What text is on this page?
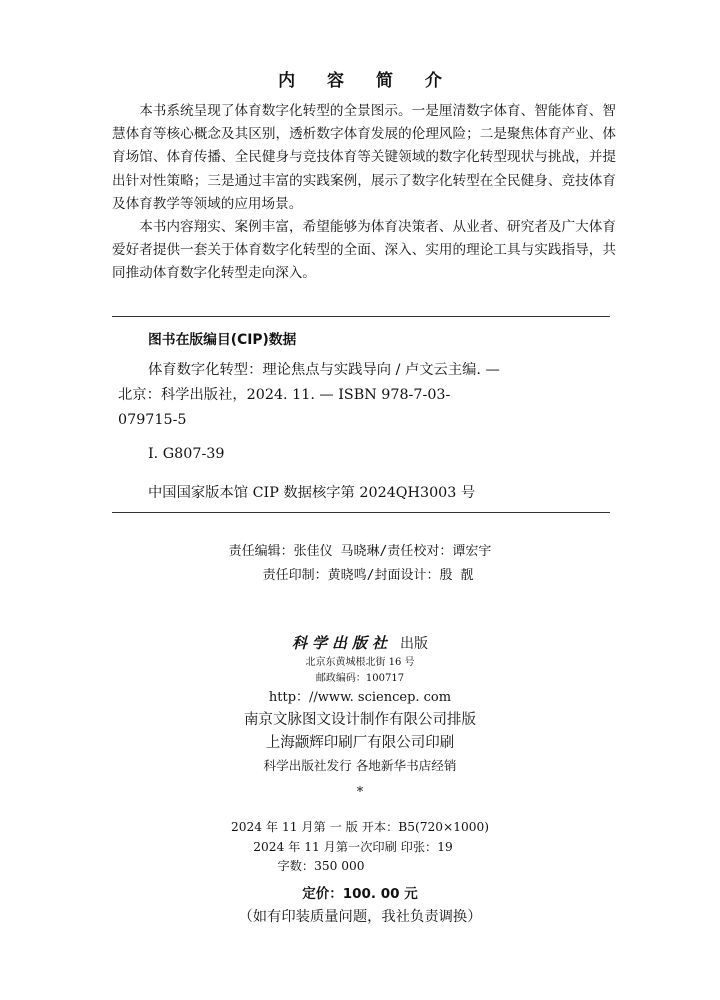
内 容 简 介

本书系统呈现了体育数字化转型的全景图示。一是厘清数字体育、智能体育、智慧体育等核心概念及其区别，透析数字体育发展的伦理风险；二是聚焦体育产业、体育场馆、体育传播、全民健身与竞技体育等关键领域的数字化转型现状与挑战，并提出针对性策略；三是通过丰富的实践案例，展示了数字化转型在全民健身、竞技体育及体育教学等领域的应用场景。

本书内容翔实、案例丰富，希望能够为体育决策者、从业者、研究者及广大体育爱好者提供一套关于体育数字化转型的全面、深入、实用的理论工具与实践指导，共同推动体育数字化转型走向深入。

图书在版编目(CIP)数据
体育数字化转型：理论焦点与实践导向 / 卢文云主编. — 北京：科学出版社，2024. 11. — ISBN 978-7-03-079715-5
Ⅰ. G807-39
中国国家版本馆 CIP 数据核字第 2024QH3003 号
责任编辑：张佳仪 马晓琳/责任校对：谭宏宇
责任印制：黄晓鸣/封面设计：殷 靓
科学出版社 出版
北京东黄城根北街 16 号
邮政编码：100717
http：//www. sciencep. com
南京文脉图文设计制作有限公司排版
上海颛辉印刷厂有限公司印刷
科学出版社发行 各地新华书店经销
*
2024 年 11 月第 一 版 开本：B5(720×1000)
2024 年 11 月第一次印刷 印张：19
字数：350 000
定价：100. 00 元
（如有印装质量问题，我社负责调换）
